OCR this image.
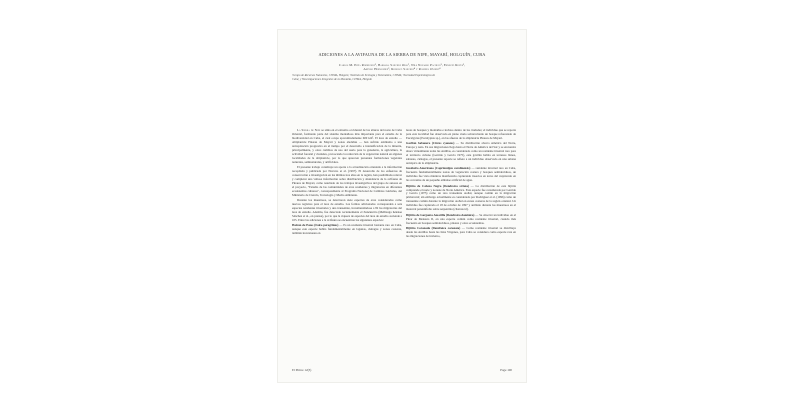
ADICIONES A LA AVIFAUNA DE LA SIERRA DE NIPE, MAYARÍ, HOLGUÍN, CUBA
Carlos M. Peña Rodríguez¹, Barbara Sánchez Oria², Nils Navarro Pacheco³, Ernesto Reyes³,
Arturo Hernández³, Rodolfo Sánchez⁴ y Randiel Oviedo⁴
¹Grupo de Recursos Naturales, CITMA, Holguín; ²Instituto de Ecología y Sistemática, CITMA; ³Sociedad Espeleológica de
Cuba; y ⁴Investigaciones Integrales de la Montaña, CITMA, Holguín

La Sierra de Nipe se sitúa en el extremo occidental de las alturas del norte de Cuba Oriental, formando parte del sistema montañoso más importante para el estudio de la biodiversidad en Cuba, el cual ocupa aproximadamente 600 km². El área de estudio — Altiplanicie Pinares de Mayarí y zonas aledañas — han sufrido asimismo a una antropización progresiva en el tiempo por el desarrollo e intensificación de la minería, principalmente, y otros cambios de uso del suelo para la ganadería, la agricultura, la actividad forestal y ciudades, provocando la reducción de la vegetación natural en algunas localidades de la altiplanicie, por lo que aparecen presentes formaciones vegetales naturales, seminaturales, y artificiales.

El presente trabajo constituye un aporte a la actualización orientada a la información recopilada y publicada por Navarro et al. (1997). El desarrollo de los esfuerzos de conservación e investigación en las últimas tres años en la región, han posibilitado relevar y completar una valiosa información sobre distribución y abundancia de la avifauna de Pinares de Mayarí, como resultado de los trabajos investigativos del grupo de autores en el proyecto, "Estudio de las comunidades de aves residentes y migratorias en diferentes ecosistemas cubanos", correspondiente al Programa Nacional de Cambios Globales, del Ministerio de Ciencia, Tecnología y Medio Ambiente.

Durante los muestreos, se detectaron siete especies de aves consideradas como nuevos registros para el área de estudio. Las formas adicionadas corresponden a seis especies residentes invernales y una transeúnte, incrementándose a 82 las migratorias del área de estudio. Además, fue detectado recientemente el Zunzuncito (Mellisuga helenae Sánchez et al., en prensa), por lo que la riqueza de especies del área de estudio asciende a 105. Entre las adiciones a la avifauna se encuentran las siguientes especies:

Halcón de Patos (Falco peregrinus) — Es un residente invernal bastante raro en Cuba, aunque este especie habita fundamentalmente en lagunas, ciénagas y zonas costeras, también incursionan en

áreas de bosques y montañas e incluso dentro de las ciudades; el individuo que se reporta para esta localidad fue observado en pleno vuelo sobrevolando un bosque reforestado de Eucalyptus (Eucalyptus sp.), en las afueras de la altiplanicie Pinares de Mayarí.

Gavilán Sabanero (Circus cyaneus) — Su distribución abarca América del Norte, Europa y Asia. En sus migraciones llega hasta el Norte de América del Sur y se encuentra ahora virtualmente todas las Antillas, es considerado como un residente invernal raro para el territorio cubano (Garrido y García 1975), este gavilán habita en terrenos llanos, sabanas, ciénagas, el presente reporte se refiere a un individuo observado en una sabana antrópica de la altiplanicie.

Guabairo Americano (Caprimulgus carolinensis) — residente invernal raro en Cuba, frecuenta fundamentalmente zonas de vegetación costera y bosques semidecíduos, un individuo fue visto mientras manifestaba capturando insectos en torno del crepúsculo en las cercanías de un pequeño embalse artificial de agua.

Bijirita de Cabeza Negra (Dendroica striata) — La distribución de esta bijirita comprende el norte y noreste de Norte América. Esta especie fue considerada por Garrido y García (1975) como un raro transeúnte otoñal, aunque común en la migración primaveral; sin embargo actualmente es considerado por Rodríguez et al. (1996) como un transeúnte común durante la migración otoñal en zonas costeras de la región oriental. Un individuo fue capturado el 18 de octubre de 1997 y anillado durante los muestreos en el matorral perennifolio sobre serpentina (charrascal).

Bijirita de Garganta Amarilla (Dendroica dominica) — Se observó un individuo en el Pinar de Mensura II, en una especie común como residente invernal, cuando más frecuenta en bosques semidecíduos, pinares y otros ecosistemas.

Bijirita Coronada (Dendroica coronata) — Como residente invernal se distribuye desde las Antillas hasta las Islas Vírgenes, para Cuba se considera como especie rara en las migraciones de invierno,

El Pitirre 12(3)	Page 100
